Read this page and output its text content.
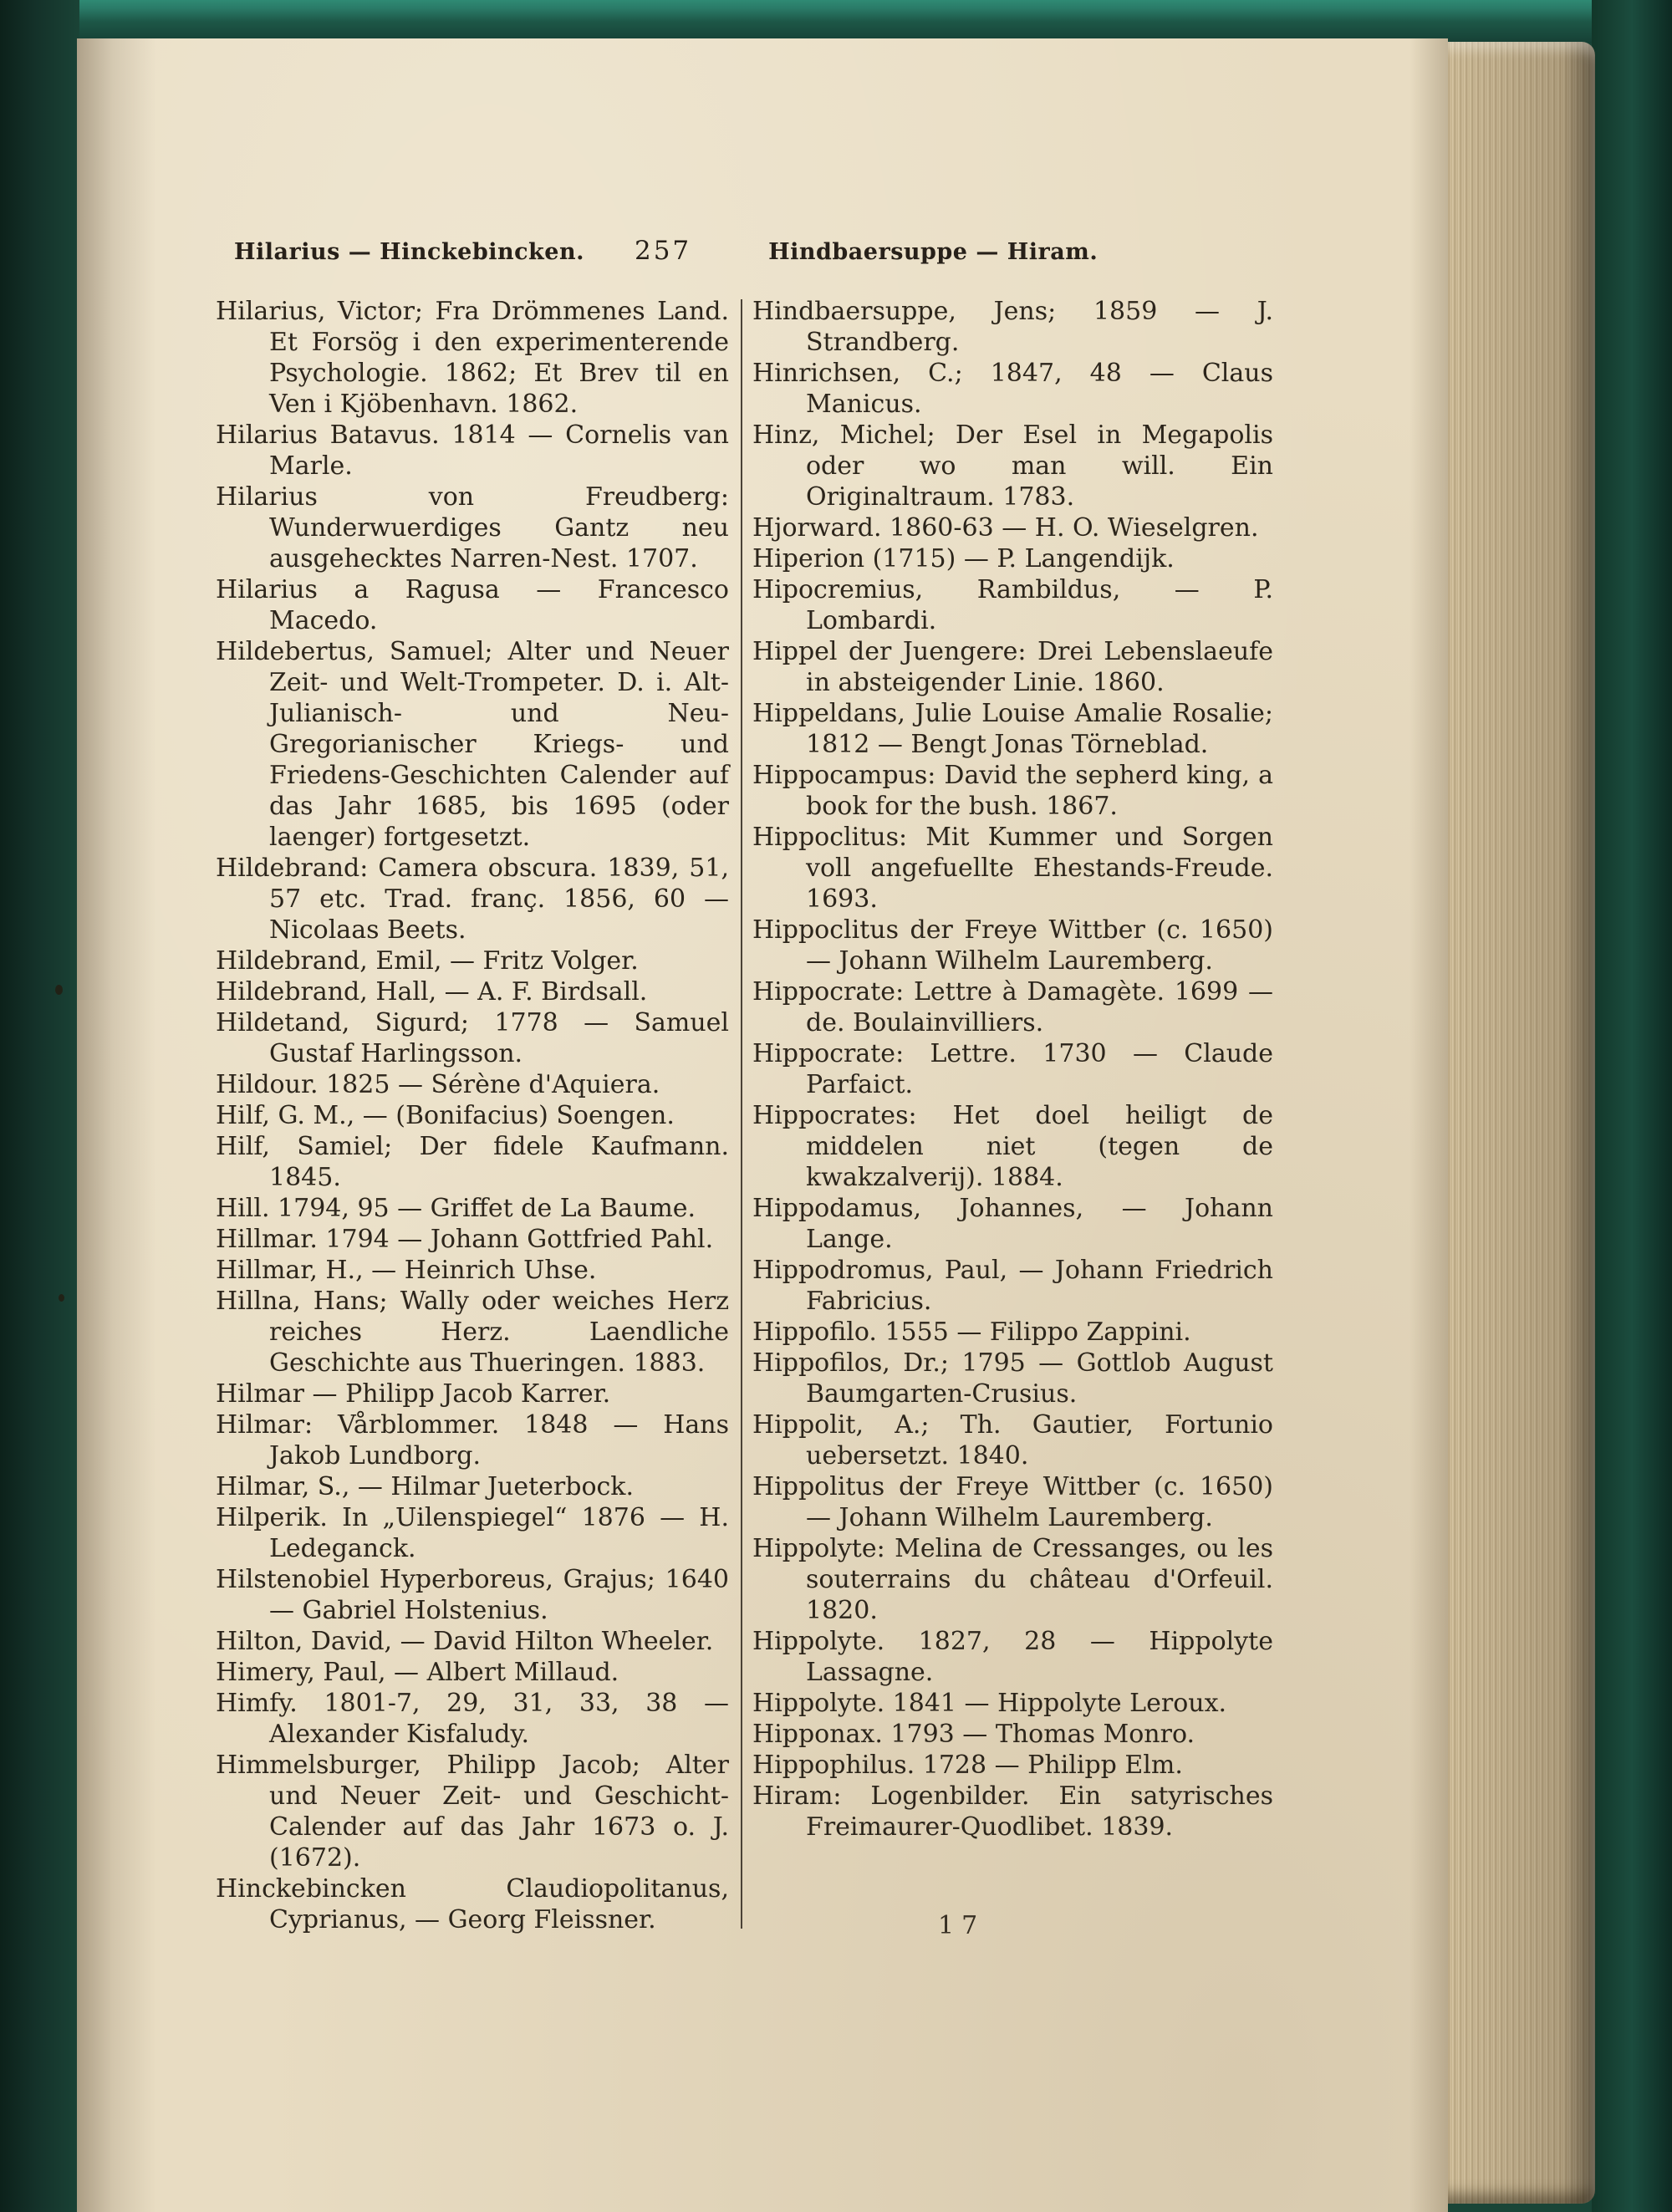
Hilarius — Hinckebincken. 257	Hindbaersuppe — Hiram.

Hilarius, Victor; Fra Drömmenes Land. Et Forsög i den experimenterende Psychologie. 1862; Et Brev til en Ven i Kjöbenhavn. 1862.

Hilarius Batavus. 1814 — Cornelis van Marle.

Hilarius von Freudberg: Wunderwuerdiges Gantz neu ausgehecktes Narren-Nest. 1707.

Hilarius a Ragusa — Francesco Macedo.

Hildebertus, Samuel; Alter und Neuer Zeit- und Welt-Trompeter. D. i. Alt-Julianisch- und Neu-Gregorianischer Kriegs- und Friedens-Geschichten Calender auf das Jahr 1685, bis 1695 (oder laenger) fortgesetzt.

Hildebrand: Camera obscura. 1839, 51, 57 etc. Trad. franç. 1856, 60 — Nicolaas Beets.

Hildebrand, Emil, — Fritz Volger.

Hildebrand, Hall, — A. F. Birdsall.

Hildetand, Sigurd; 1778 — Samuel Gustaf Harlingsson.

Hildour. 1825 — Sérène d'Aquiera.

Hilf, G. M., — (Bonifacius) Soengen.

Hilf, Samiel; Der fidele Kaufmann. 1845.

Hill. 1794, 95 — Griffet de La Baume.

Hillmar. 1794 — Johann Gottfried Pahl.

Hillmar, H., — Heinrich Uhse.

Hillna, Hans; Wally oder weiches Herz reiches Herz. Laendliche Geschichte aus Thueringen. 1883.

Hilmar — Philipp Jacob Karrer.

Hilmar: Vårblommer. 1848 — Hans Jakob Lundborg.

Hilmar, S., — Hilmar Jueterbock.

Hilperik. In „Uilenspiegel“ 1876 — H. Ledeganck.

Hilstenobiel Hyperboreus, Grajus; 1640 — Gabriel Holstenius.

Hilton, David, — David Hilton Wheeler.

Himery, Paul, — Albert Millaud.

Himfy. 1801-7, 29, 31, 33, 38 — Alexander Kisfaludy.

Himmelsburger, Philipp Jacob; Alter und Neuer Zeit- und Geschicht-Calender auf das Jahr 1673 o. J. (1672).

Hinckebincken Claudiopolitanus, Cyprianus, — Georg Fleissner.

Hindbaersuppe, Jens; 1859 — J. Strandberg.

Hinrichsen, C.; 1847, 48 — Claus Manicus.

Hinz, Michel; Der Esel in Megapolis oder wo man will. Ein Originaltraum. 1783.

Hjorward. 1860-63 — H. O. Wieselgren.

Hiperion (1715) — P. Langendijk.

Hipocremius, Rambildus, — P. Lombardi.

Hippel der Juengere: Drei Lebenslaeufe in absteigender Linie. 1860.

Hippeldans, Julie Louise Amalie Rosalie; 1812 — Bengt Jonas Törneblad.

Hippocampus: David the sepherd king, a book for the bush. 1867.

Hippoclitus: Mit Kummer und Sorgen voll angefuellte Ehestands-Freude. 1693.

Hippoclitus der Freye Wittber (c. 1650) — Johann Wilhelm Lauremberg.

Hippocrate: Lettre à Damagète. 1699 — de. Boulainvilliers.

Hippocrate: Lettre. 1730 — Claude Parfaict.

Hippocrates: Het doel heiligt de middelen niet (tegen de kwakzalverij). 1884.

Hippodamus, Johannes, — Johann Lange.

Hippodromus, Paul, — Johann Friedrich Fabricius.

Hippofilo. 1555 — Filippo Zappini.

Hippofilos, Dr.; 1795 — Gottlob August Baumgarten-Crusius.

Hippolit, A.; Th. Gautier, Fortunio uebersetzt. 1840.

Hippolitus der Freye Wittber (c. 1650) — Johann Wilhelm Lauremberg.

Hippolyte: Melina de Cressanges, ou les souterrains du château d'Orfeuil. 1820.

Hippolyte. 1827, 28 — Hippolyte Lassagne.

Hippolyte. 1841 — Hippolyte Leroux.

Hipponax. 1793 — Thomas Monro.

Hippophilus. 1728 — Philipp Elm.

Hiram: Logenbilder. Ein satyrisches Freimaurer-Quodlibet. 1839.

17
